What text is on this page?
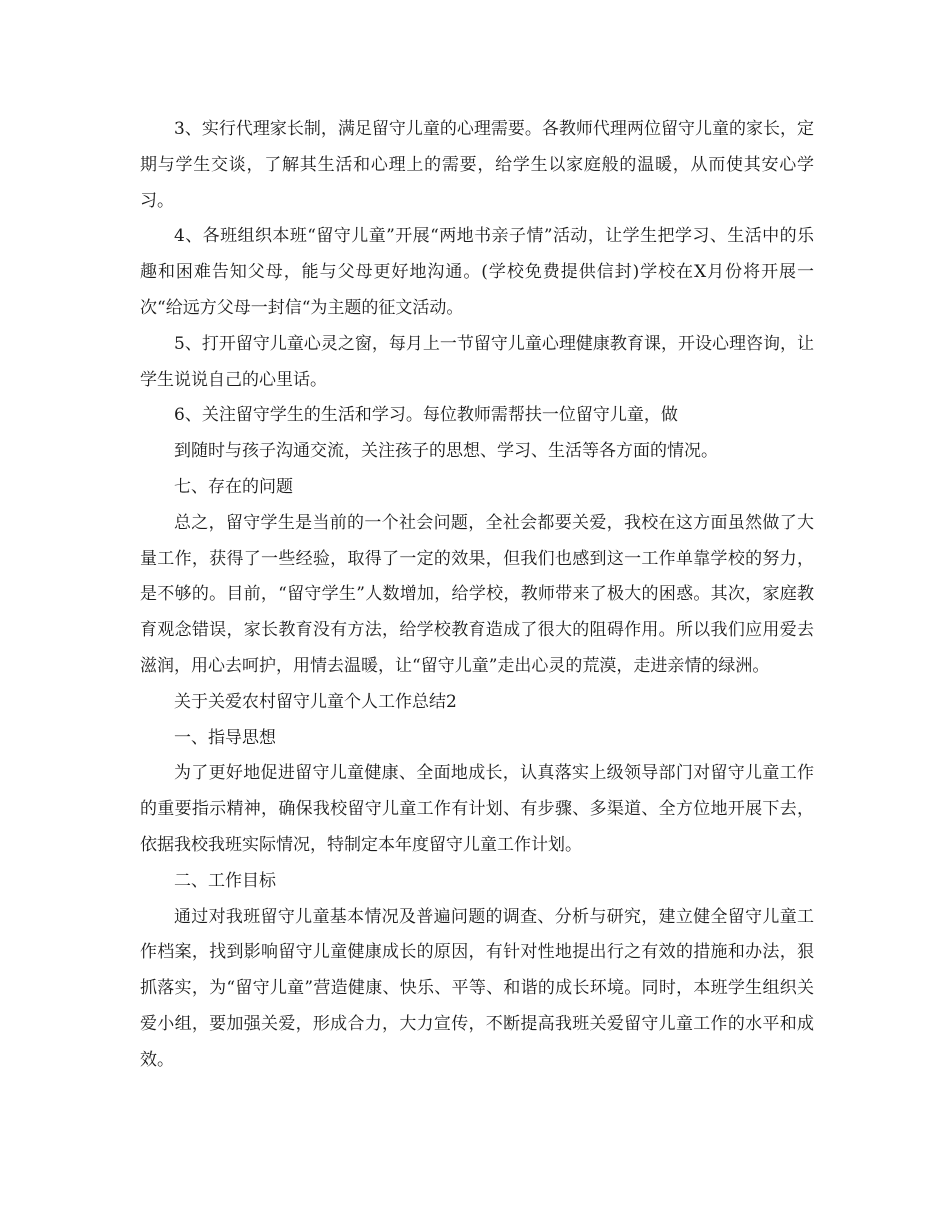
3、实行代理家长制，满足留守儿童的心理需要。各教师代理两位留守儿童的家长，定期与学生交谈，了解其生活和心理上的需要，给学生以家庭般的温暖，从而使其安心学习。

4、各班组织本班“留守儿童”开展“两地书亲子情”活动，让学生把学习、生活中的乐趣和困难告知父母，能与父母更好地沟通。(学校免费提供信封)学校在X月份将开展一次“给远方父母一封信“为主题的征文活动。

5、打开留守儿童心灵之窗，每月上一节留守儿童心理健康教育课，开设心理咨询，让学生说说自己的心里话。

6、关注留守学生的生活和学习。每位教师需帮扶一位留守儿童，做

到随时与孩子沟通交流，关注孩子的思想、学习、生活等各方面的情况。

七、存在的问题

总之，留守学生是当前的一个社会问题，全社会都要关爱，我校在这方面虽然做了大量工作，获得了一些经验，取得了一定的效果，但我们也感到这一工作单靠学校的努力，是不够的。目前，“留守学生”人数增加，给学校，教师带来了极大的困惑。其次，家庭教育观念错误，家长教育没有方法，给学校教育造成了很大的阻碍作用。所以我们应用爱去滋润，用心去呵护，用情去温暖，让“留守儿童”走出心灵的荒漠，走进亲情的绿洲。

关于关爱农村留守儿童个人工作总结2

一、指导思想

为了更好地促进留守儿童健康、全面地成长，认真落实上级领导部门对留守儿童工作的重要指示精神，确保我校留守儿童工作有计划、有步骤、多渠道、全方位地开展下去，依据我校我班实际情况，特制定本年度留守儿童工作计划。

二、工作目标

通过对我班留守儿童基本情况及普遍问题的调查、分析与研究，建立健全留守儿童工作档案，找到影响留守儿童健康成长的原因，有针对性地提出行之有效的措施和办法，狠抓落实，为“留守儿童”营造健康、快乐、平等、和谐的成长环境。同时，本班学生组织关爱小组，要加强关爱，形成合力，大力宣传，不断提高我班关爱留守儿童工作的水平和成效。
